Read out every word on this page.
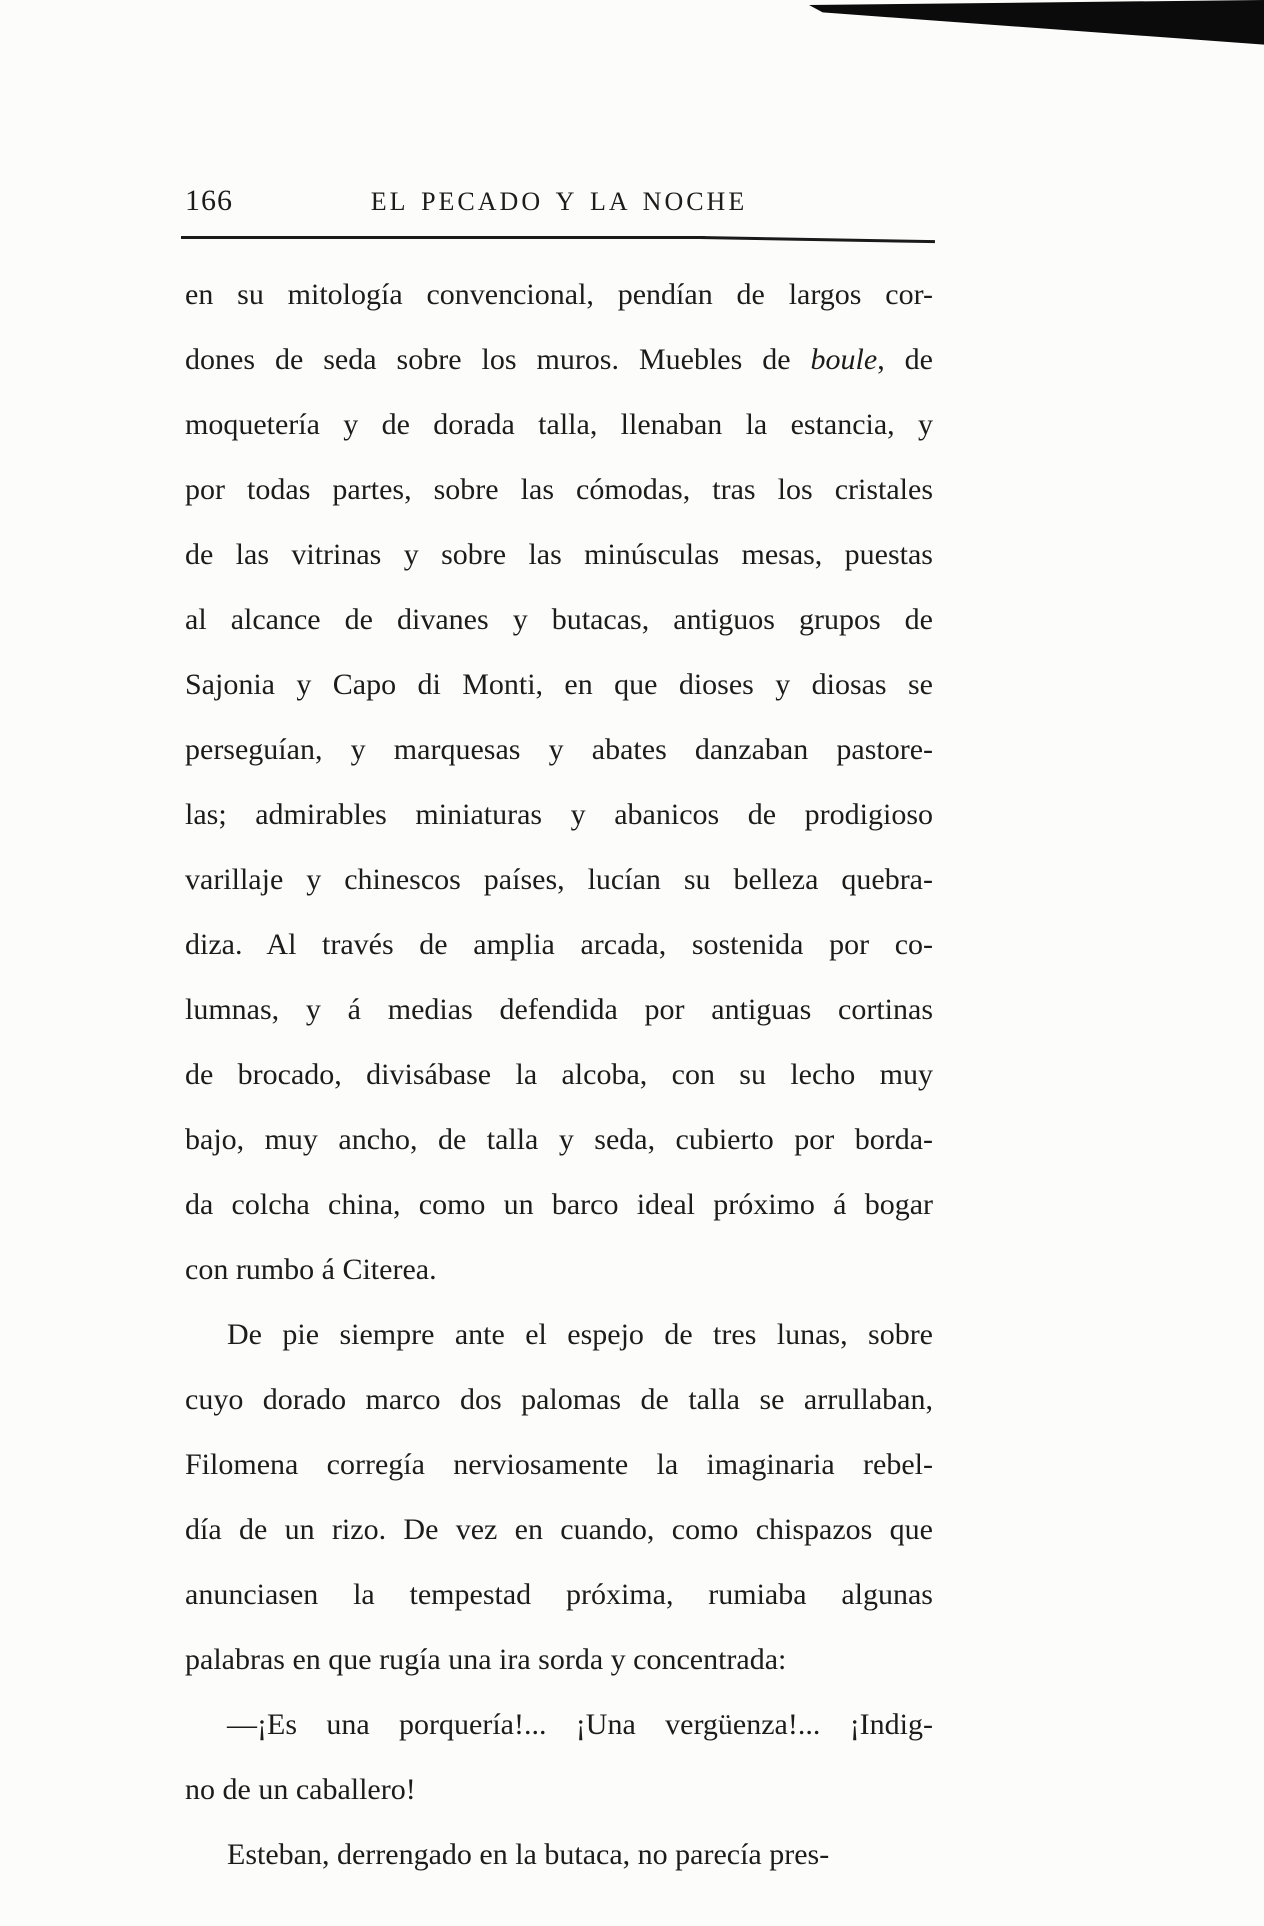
166	EL PECADO Y LA NOCHE
en su mitología convencional, pendían de largos cor-
dones de seda sobre los muros. Muebles de boule, de
moquetería y de dorada talla, llenaban la estancia, y
por todas partes, sobre las cómodas, tras los cristales
de las vitrinas y sobre las minúsculas mesas, puestas
al alcance de divanes y butacas, antiguos grupos de
Sajonia y Capo di Monti, en que dioses y diosas se
perseguían, y marquesas y abates danzaban pastore-
las; admirables miniaturas y abanicos de prodigioso
varillaje y chinescos países, lucían su belleza quebra-
diza. Al través de amplia arcada, sostenida por co-
lumnas, y á medias defendida por antiguas cortinas
de brocado, divisábase la alcoba, con su lecho muy
bajo, muy ancho, de talla y seda, cubierto por borda-
da colcha china, como un barco ideal próximo á bogar
con rumbo á Citerea.
De pie siempre ante el espejo de tres lunas, sobre
cuyo dorado marco dos palomas de talla se arrullaban,
Filomena corregía nerviosamente la imaginaria rebel-
día de un rizo. De vez en cuando, como chispazos que
anunciasen la tempestad próxima, rumiaba algunas
palabras en que rugía una ira sorda y concentrada:
—¡Es una porquería!... ¡Una vergüenza!... ¡Indig-
no de un caballero!
Esteban, derrengado en la butaca, no parecía pres-
